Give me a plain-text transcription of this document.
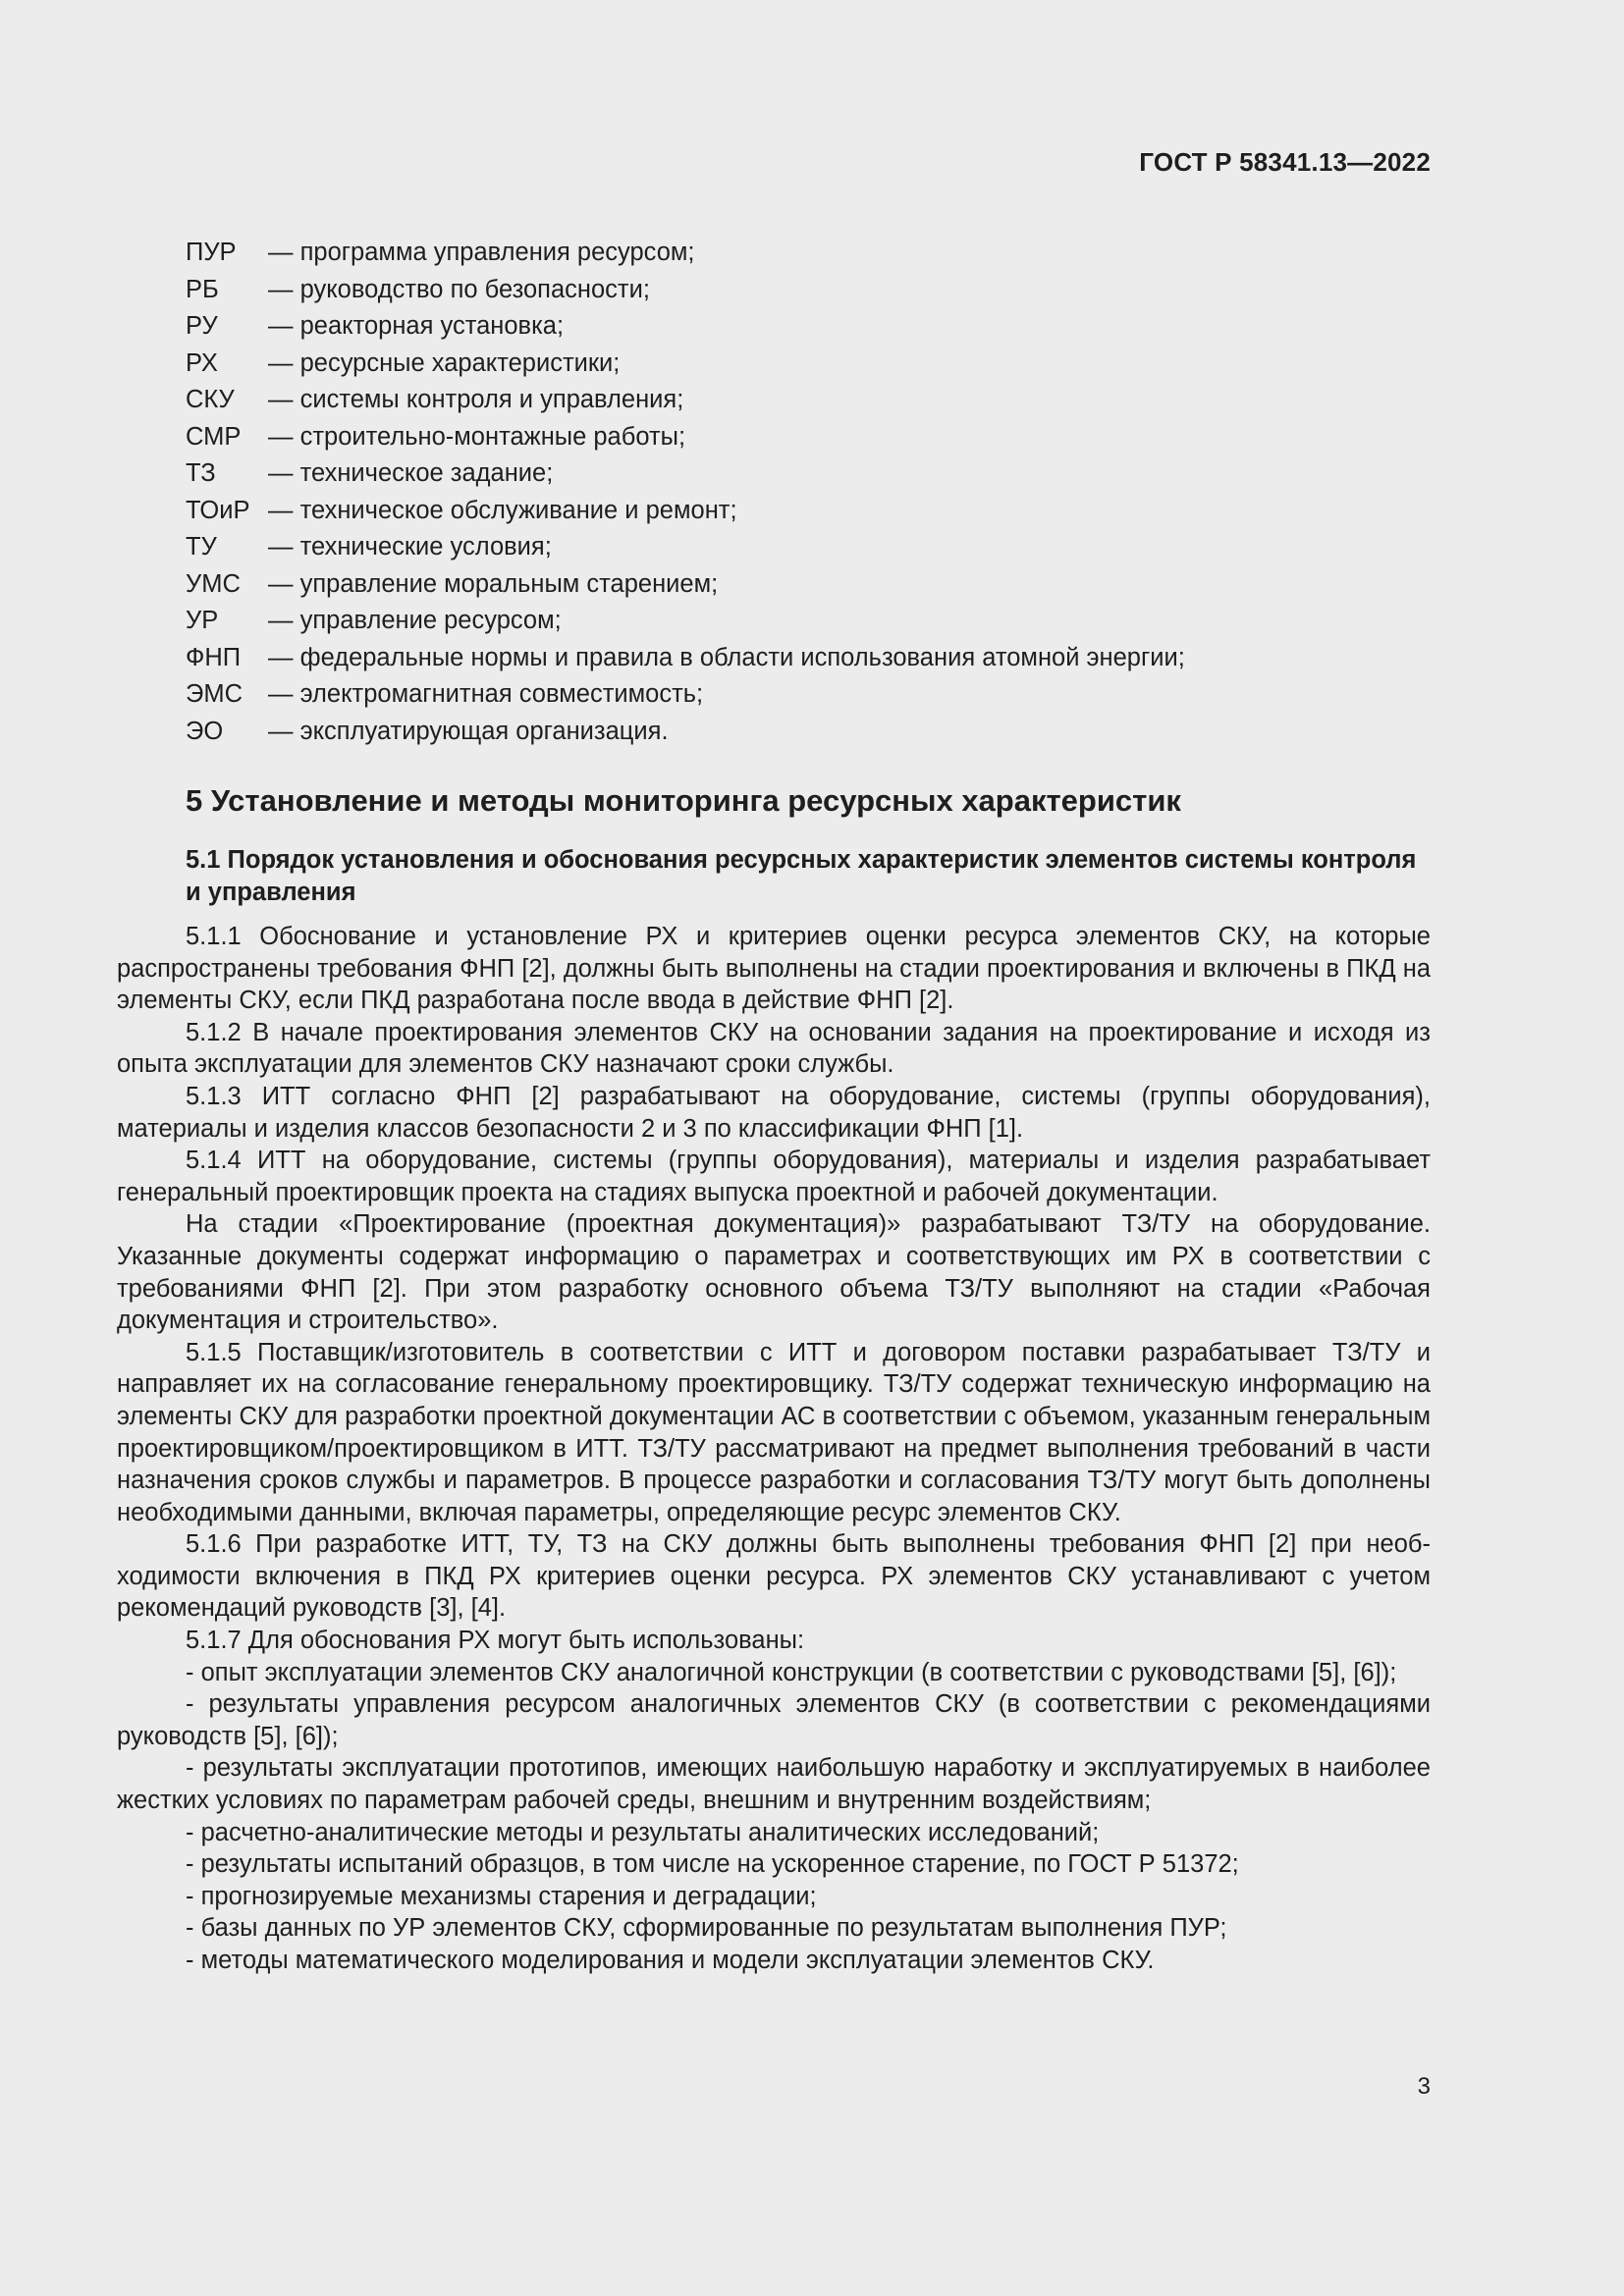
ГОСТ Р 58341.13—2022
ПУР	— программа управления ресурсом;
РБ	— руководство по безопасности;
РУ	— реакторная установка;
РХ	— ресурсные характеристики;
СКУ	— системы контроля и управления;
СМР	— строительно-монтажные работы;
ТЗ	— техническое задание;
ТОиР — техническое обслуживание и ремонт;
ТУ	— технические условия;
УМС	— управление моральным старением;
УР	— управление ресурсом;
ФНП	— федеральные нормы и правила в области использования атомной энергии;
ЭМС	— электромагнитная совместимость;
ЭО	— эксплуатирующая организация.
5 Установление и методы мониторинга ресурсных характеристик
5.1 Порядок установления и обоснования ресурсных характеристик элементов системы контроля и управления

5.1.1 Обоснование и установление РХ и критериев оценки ресурса элементов СКУ, на которые распространены требования ФНП [2], должны быть выполнены на стадии проектирования и включены в ПКД на элементы СКУ, если ПКД разработана после ввода в действие ФНП [2].

5.1.2 В начале проектирования элементов СКУ на основании задания на проектирование и исходя из опыта эксплуатации для элементов СКУ назначают сроки службы.

5.1.3 ИТТ согласно ФНП [2] разрабатывают на оборудование, системы (группы оборудования), материалы и изделия классов безопасности 2 и 3 по классификации ФНП [1].

5.1.4 ИТТ на оборудование, системы (группы оборудования), материалы и изделия разрабатывает генеральный проектировщик проекта на стадиях выпуска проектной и рабочей документации.

На стадии «Проектирование (проектная документация)» разрабатывают ТЗ/ТУ на оборудование. Указанные документы содержат информацию о параметрах и соответствующих им РХ в соответствии с требованиями ФНП [2]. При этом разработку основного объема ТЗ/ТУ выполняют на стадии «Рабочая документация и строительство».

5.1.5 Поставщик/изготовитель в соответствии с ИТТ и договором поставки разрабатывает ТЗ/ТУ и направляет их на согласование генеральному проектировщику. ТЗ/ТУ содержат техническую информацию на элементы СКУ для разработки проектной документации АС в соответствии с объемом, указанным генеральным проектировщиком/проектировщиком в ИТТ. ТЗ/ТУ рассматривают на предмет выполнения требований в части назначения сроков службы и параметров. В процессе разработки и согласования ТЗ/ТУ могут быть дополнены необходимыми данными, включая параметры, определяющие ресурс элементов СКУ.

5.1.6 При разработке ИТТ, ТУ, ТЗ на СКУ должны быть выполнены требования ФНП [2] при необходимости включения в ПКД РХ критериев оценки ресурса. РХ элементов СКУ устанавливают с учетом рекомендаций руководств [3], [4].

5.1.7 Для обоснования РХ могут быть использованы:

- опыт эксплуатации элементов СКУ аналогичной конструкции (в соответствии с руководствами [5], [6]);

- результаты управления ресурсом аналогичных элементов СКУ (в соответствии с рекомендациями руководств [5], [6]);

- результаты эксплуатации прототипов, имеющих наибольшую наработку и эксплуатируемых в наиболее жестких условиях по параметрам рабочей среды, внешним и внутренним воздействиям;

- расчетно-аналитические методы и результаты аналитических исследований;

- результаты испытаний образцов, в том числе на ускоренное старение, по ГОСТ Р 51372;

- прогнозируемые механизмы старения и деградации;

- базы данных по УР элементов СКУ, сформированные по результатам выполнения ПУР;

- методы математического моделирования и модели эксплуатации элементов СКУ.

3
